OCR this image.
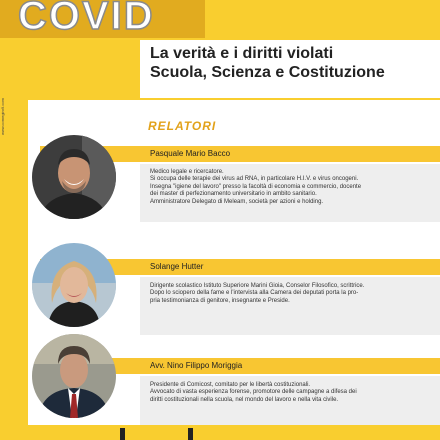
COVID
La verità e i diritti violati
Scuola, Scienza e Costituzione
www.comegiro9.com	RELATORI
Pasquale Mario Bacco
Medico legale e ricercatore.
Si occupa delle terapie dei virus ad RNA, in particolare H.I.V. e virus oncogeni.
Insegna "igiene del lavoro" presso la facoltà di economia e commercio, docente
dei master di perfezionamento universitario in ambito sanitario.
Amministratore Delegato di Meleam, società per azioni e holding.
Solange Hutter
Dirigente scolastico Istituto Superiore Marini Gioia, Conselor Filosofico, scrittrice.
Dopo lo sciopero della fame e l'intervista alla Camera dei deputati porta la pro-
pria testimonianza di genitore, insegnante e Preside.
Avv. Nino Filippo Moriggia
Presidente di Comicost, comitato per le libertà costituzionali.
Avvocato di vasta esperienza forense, promotore delle campagne a difesa dei
diritti costituzionali nella scuola, nel mondo del lavoro e nella vita civile.
